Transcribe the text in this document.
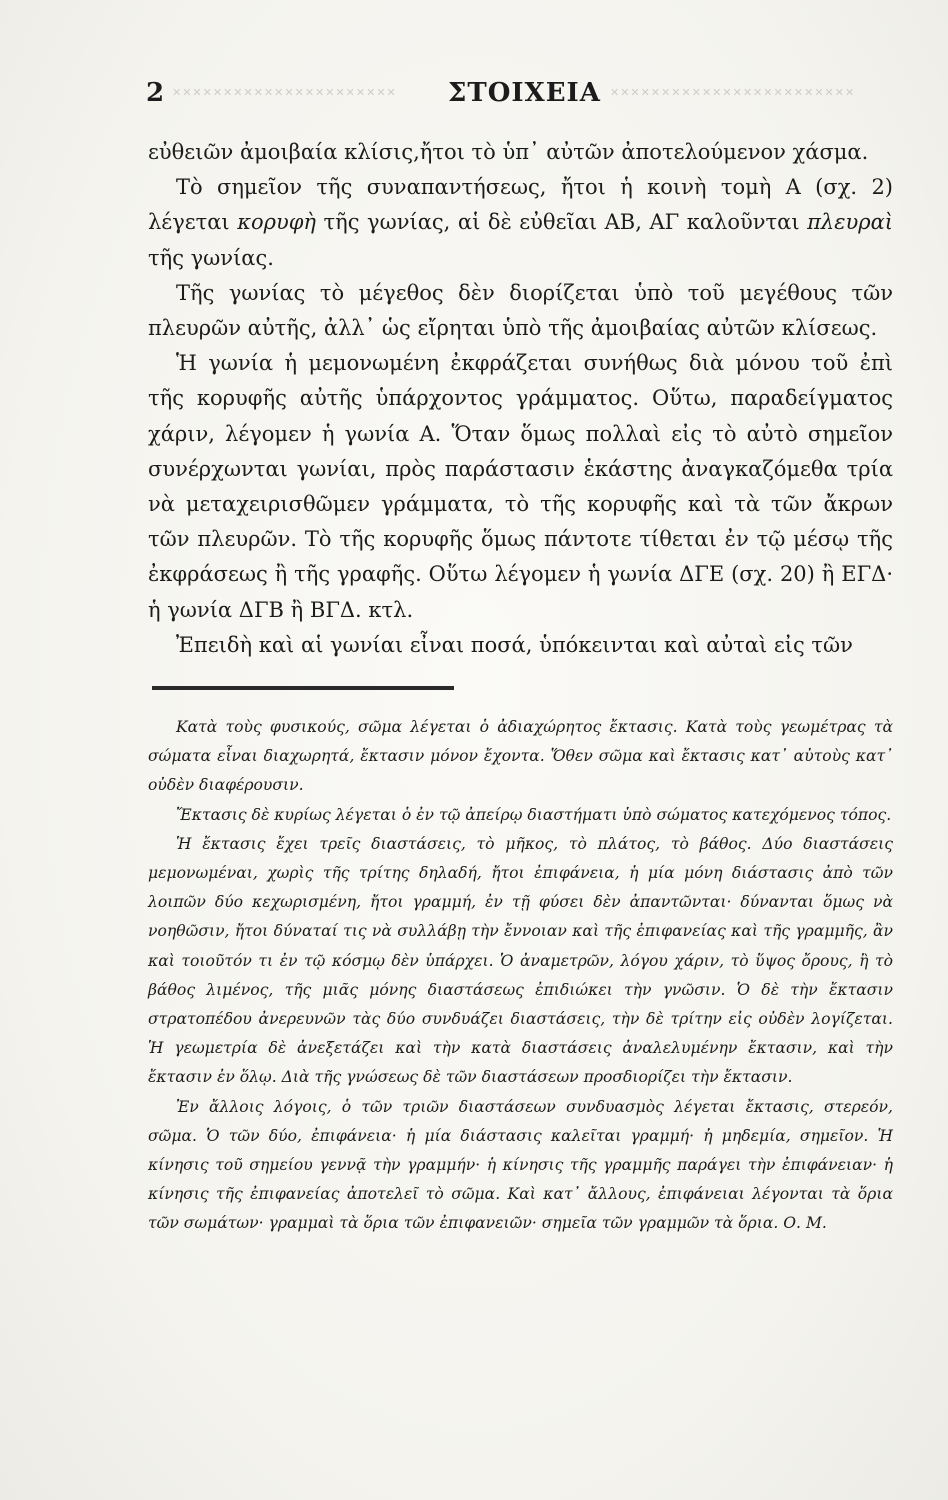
✕✕✕✕✕✕✕✕✕✕✕✕✕✕✕✕✕✕✕✕✕✕	✕✕✕✕✕✕✕✕✕✕✕✕✕✕✕✕✕✕✕✕✕✕✕✕
2	ΣΤΟΙΧΕΙΑ

εὐθειῶν ἀμοιβαία κλίσις,ἤτοι τὸ ὑπ᾽ αὐτῶν ἀποτελούμενον χάσμα.

Τὸ σημεῖον τῆς συναπαντήσεως, ἤτοι ἡ κοινὴ τομὴ Α (σχ. 2) λέγεται κορυφὴ τῆς γωνίας, αἱ δὲ εὐθεῖαι ΑΒ, ΑΓ καλοῦνται πλευραὶ τῆς γωνίας.

Τῆς γωνίας τὸ μέγεθος δὲν διορίζεται ὑπὸ τοῦ μεγέθους τῶν πλευρῶν αὐτῆς, ἀλλ᾽ ὡς εἴρηται ὑπὸ τῆς ἀμοιβαίας αὐτῶν κλίσεως.

Ἡ γωνία ἡ μεμονωμένη ἐκφράζεται συνήθως διὰ μόνου τοῦ ἐπὶ τῆς κορυφῆς αὐτῆς ὑπάρχοντος γράμματος. Οὕτω, παραδείγματος χάριν, λέγομεν ἡ γωνία Α. Ὅταν ὅμως πολλαὶ εἰς τὸ αὐτὸ σημεῖον συνέρχωνται γωνίαι, πρὸς παράστασιν ἑκάστης ἀναγκαζόμεθα τρία νὰ μεταχειρισθῶμεν γράμματα, τὸ τῆς κορυφῆς καὶ τὰ τῶν ἄκρων τῶν πλευρῶν. Τὸ τῆς κορυφῆς ὅμως πάντοτε τίθεται ἐν τῷ μέσῳ τῆς ἐκφράσεως ἢ τῆς γραφῆς. Οὕτω λέγομεν ἡ γωνία ΔΓΕ (σχ. 20) ἢ ΕΓΔ· ἡ γωνία ΔΓΒ ἢ ΒΓΔ. κτλ.

Ἐπειδὴ καὶ αἱ γωνίαι εἶναι ποσά, ὑπόκεινται καὶ αὐταὶ εἰς τῶν

Κατὰ τοὺς φυσικούς, σῶμα λέγεται ὁ ἀδιαχώρητος ἔκτασις. Κατὰ τοὺς γεωμέτρας τὰ σώματα εἶναι διαχωρητά, ἔκτασιν μόνον ἔχοντα. Ὅθεν σῶμα καὶ ἔκτασις κατ᾽ αὐτοὺς κατ᾽ οὐδὲν διαφέρουσιν.

Ἔκτασις δὲ κυρίως λέγεται ὁ ἐν τῷ ἀπείρῳ διαστήματι ὑπὸ σώματος κατεχόμενος τόπος.

Ἡ ἔκτασις ἔχει τρεῖς διαστάσεις, τὸ μῆκος, τὸ πλάτος, τὸ βάθος. Δύο διαστάσεις μεμονωμέναι, χωρὶς τῆς τρίτης δηλαδή, ἤτοι ἐπιφάνεια, ἡ μία μόνη διάστασις ἀπὸ τῶν λοιπῶν δύο κεχωρισμένη, ἤτοι γραμμή, ἐν τῇ φύσει δὲν ἀπαντῶνται· δύνανται ὅμως νὰ νοηθῶσιν, ἤτοι δύναταί τις νὰ συλλάβῃ τὴν ἔννοιαν καὶ τῆς ἐπιφανείας καὶ τῆς γραμμῆς, ἂν καὶ τοιοῦτόν τι ἐν τῷ κόσμῳ δὲν ὑπάρχει. Ὁ ἀναμετρῶν, λόγου χάριν, τὸ ὕψος ὄρους, ἢ τὸ βάθος λιμένος, τῆς μιᾶς μόνης διαστάσεως ἐπιδιώκει τὴν γνῶσιν. Ὁ δὲ τὴν ἔκτασιν στρατοπέδου ἀνερευνῶν τὰς δύο συνδυάζει διαστάσεις, τὴν δὲ τρίτην εἰς οὐδὲν λογίζεται. Ἡ γεωμετρία δὲ ἀνεξετάζει καὶ τὴν κατὰ διαστάσεις ἀναλελυμένην ἔκτασιν, καὶ τὴν ἔκτασιν ἐν ὅλῳ. Διὰ τῆς γνώσεως δὲ τῶν διαστάσεων προσδιορίζει τὴν ἔκτασιν.

Ἐν ἄλλοις λόγοις, ὁ τῶν τριῶν διαστάσεων συνδυασμὸς λέγεται ἔκτασις, στερεόν, σῶμα. Ὁ τῶν δύο, ἐπιφάνεια· ἡ μία διάστασις καλεῖται γραμμή· ἡ μηδεμία, σημεῖον. Ἡ κίνησις τοῦ σημείου γεννᾷ τὴν γραμμήν· ἡ κίνησις τῆς γραμμῆς παράγει τὴν ἐπιφάνειαν· ἡ κίνησις τῆς ἐπιφανείας ἀποτελεῖ τὸ σῶμα. Καὶ κατ᾽ ἄλλους, ἐπιφάνειαι λέγονται τὰ ὅρια τῶν σωμάτων· γραμμαὶ τὰ ὅρια τῶν ἐπιφανειῶν· σημεῖα τῶν γραμμῶν τὰ ὅρια. Ο. Μ.
